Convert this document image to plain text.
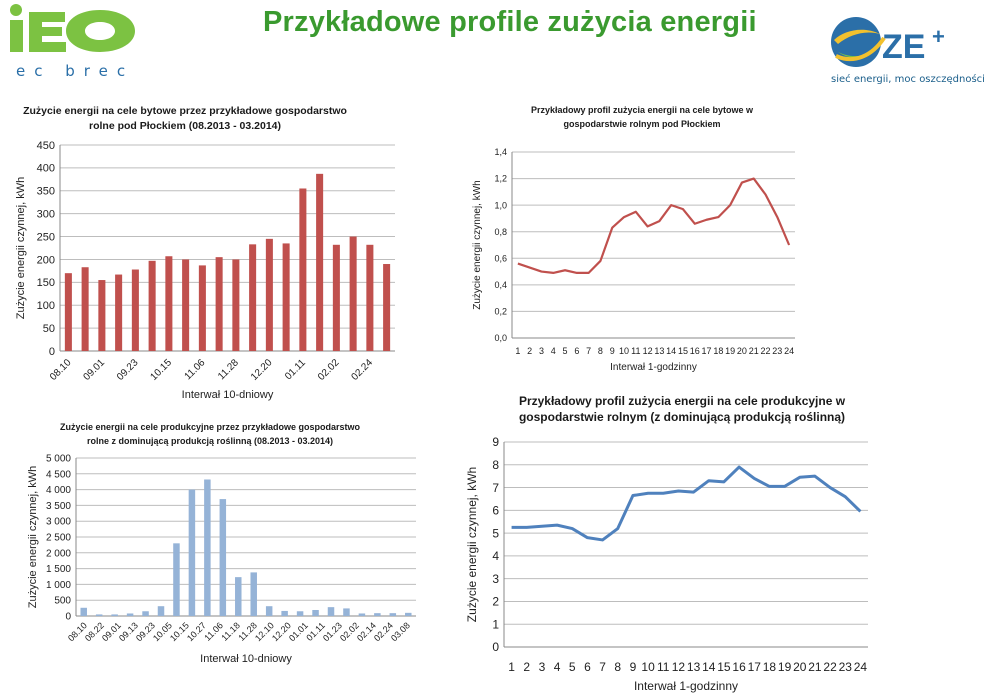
Przykładowe profile zużycia energii
ec brec
ZE +
sieć energii, moc oszczędności
Zużycie energii na cele bytowe przez przykładowe gospodarstwo
rolne pod Płockiem (08.2013 - 03.2014)
0
50
100
150
200
250
300
350
400
450
Zużycie energii czynnej, kWh
Interwał 10-dniowy
08.10 09.01 09.23 10.15 11.06 11.28 12.20 01.11 02.02 02.24
Przykładowy profil zużycia energii na cele bytowe w
gospodarstwie rolnym pod Płockiem
0,0
0,2
0,4
0,6
0,8
1,0
1,2
1,4
Zużycie energii czynnej, kWh
Interwał 1-godzinny
1 2 3 4 5 6 7 8 9 10 11 12 13 14 15 16 17 18 19 20 21 22 23 24
Zużycie energii na cele produkcyjne przez przykładowe gospodarstwo
rolne z dominującą produkcją roślinną (08.2013 - 03.2014)
0
500
1 000
1 500
2 000
2 500
3 000
3 500
4 000
4 500
5 000
Zużycie energii czynnej, kWh
Interwał 10-dniowy
08.10
08.22
09.01
09.13
09.23
10.05
10.15
10.27
11.06
11.18
11.28
12.10
12.20
01.01
01.11
01.23
02.02
02.14
02.24
03.08
Przykładowy profil zużycia energii na cele produkcyjne w
gospodarstwie rolnym (z dominującą produkcją roślinną)
0
1
2
3
4
5
6
7
8
9
Zużycie energii czynnej, kWh
Interwał 1-godzinny
1 2 3 4 5 6 7 8 9 10 11 12 13 14 15 16 17 18 19 20 21 22 23 24
